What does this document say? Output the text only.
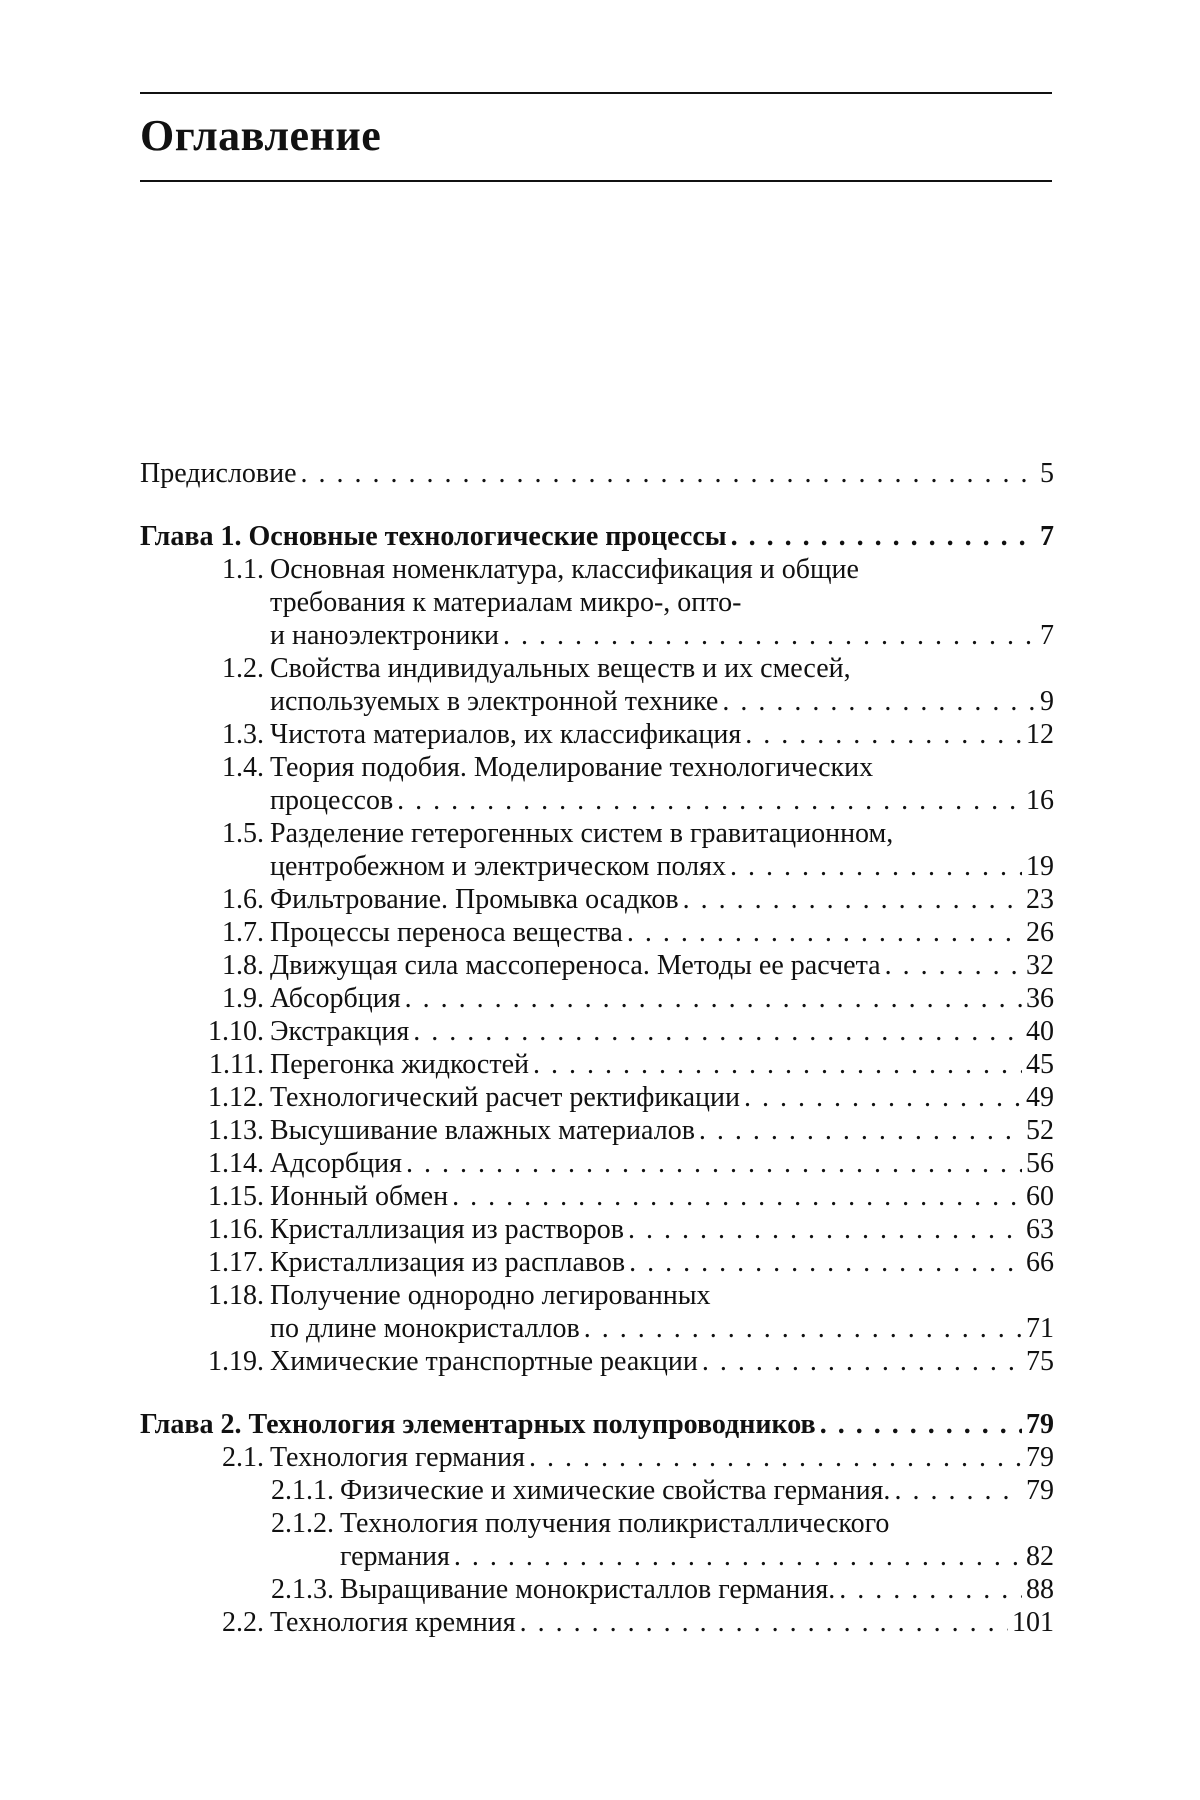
Оглавление
Предисловие . . .	5
Глава 1. Основные технологические процессы . . .	7
1.1. Основная номенклатура, классификация и общие
требования к материалам микро-, опто-
и наноэлектроники . . .	7
1.2. Свойства индивидуальных веществ и их смесей,
используемых в электронной технике . . .	9
1.3. Чистота материалов, их классификация . . .	12
1.4. Теория подобия. Моделирование технологических
процессов . . .	16
1.5. Разделение гетерогенных систем в гравитационном,
центробежном и электрическом полях . . .	19
1.6. Фильтрование. Промывка осадков . . .	23
1.7. Процессы переноса вещества . . .	26
1.8. Движущая сила массопереноса. Методы ее расчета . . .	32
1.9. Абсорбция . . .	36
1.10. Экстракция . . .	40
1.11. Перегонка жидкостей . . .	45
1.12. Технологический расчет ректификации . . .	49
1.13. Высушивание влажных материалов . . .	52
1.14. Адсорбция . . .	56
1.15. Ионный обмен . . .	60
1.16. Кристаллизация из растворов . . .	63
1.17. Кристаллизация из расплавов . . .	66
1.18. Получение однородно легированных
по длине монокристаллов . . .	71
1.19. Химические транспортные реакции . . .	75
Глава 2. Технология элементарных полупроводников . . .	79
2.1. Технология германия . . .	79
2.1.1. Физические и химические свойства германия. . . .	79
2.1.2. Технология получения поликристаллического
германия . . .	82
2.1.3. Выращивание монокристаллов германия. . . .	88
2.2. Технология кремния . . .	101
